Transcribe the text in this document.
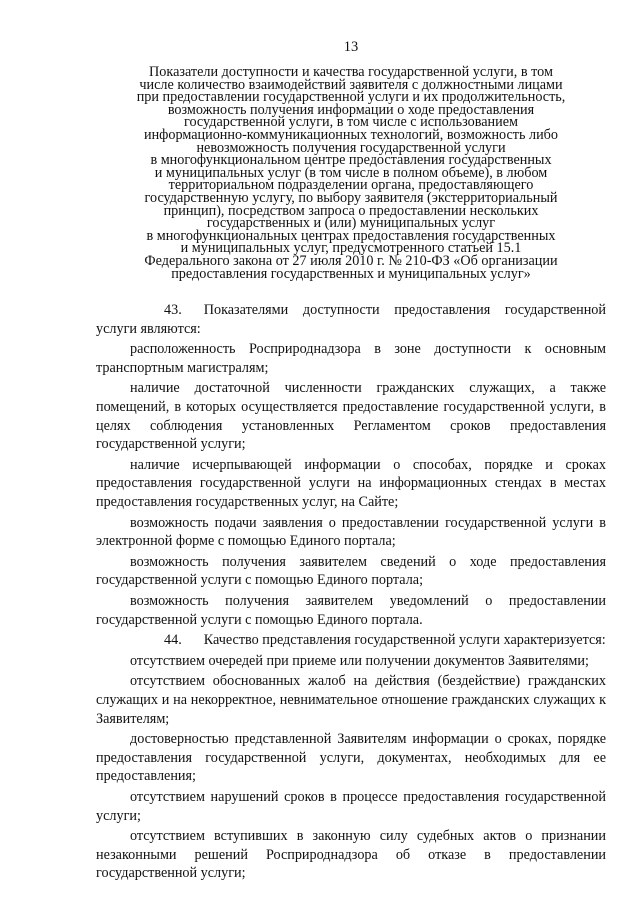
13
Показатели доступности и качества государственной услуги, в том
числе количество взаимодействий заявителя с должностными лицами
при предоставлении государственной услуги и их продолжительность,
возможность получения информации о ходе предоставления
государственной услуги, в том числе с использованием
информационно-коммуникационных технологий, возможность либо
невозможность получения государственной услуги
в многофункциональном центре предоставления государственных
и муниципальных услуг (в том числе в полном объеме), в любом
территориальном подразделении органа, предоставляющего
государственную услугу, по выбору заявителя (экстерриториальный
принцип), посредством запроса о предоставлении нескольких
государственных и (или) муниципальных услуг
в многофункциональных центрах предоставления государственных
и муниципальных услуг, предусмотренного статьей 15.1
Федерального закона от 27 июля 2010 г. № 210-ФЗ «Об организации
предоставления государственных и муниципальных услуг»

43. Показателями доступности предоставления государственной услуги являются:

расположенность Росприроднадзора в зоне доступности к основным транспортным магистралям;

наличие достаточной численности гражданских служащих, а также помещений, в которых осуществляется предоставление государственной услуги, в целях соблюдения установленных Регламентом сроков предоставления государственной услуги;

наличие исчерпывающей информации о способах, порядке и сроках предоставления государственной услуги на информационных стендах в местах предоставления государственных услуг, на Сайте;

возможность подачи заявления о предоставлении государственной услуги в электронной форме с помощью Единого портала;

возможность получения заявителем сведений о ходе предоставления государственной услуги с помощью Единого портала;

возможность получения заявителем уведомлений о предоставлении государственной услуги с помощью Единого портала.

44. Качество представления государственной услуги характеризуется:

отсутствием очередей при приеме или получении документов Заявителями;

отсутствием обоснованных жалоб на действия (бездействие) гражданских служащих и на некорректное, невнимательное отношение гражданских служащих к Заявителям;

достоверностью представленной Заявителям информации о сроках, порядке предоставления государственной услуги, документах, необходимых для ее предоставления;

отсутствием нарушений сроков в процессе предоставления государственной услуги;

отсутствием вступивших в законную силу судебных актов о признании незаконными решений Росприроднадзора об отказе в предоставлении государственной услуги;
